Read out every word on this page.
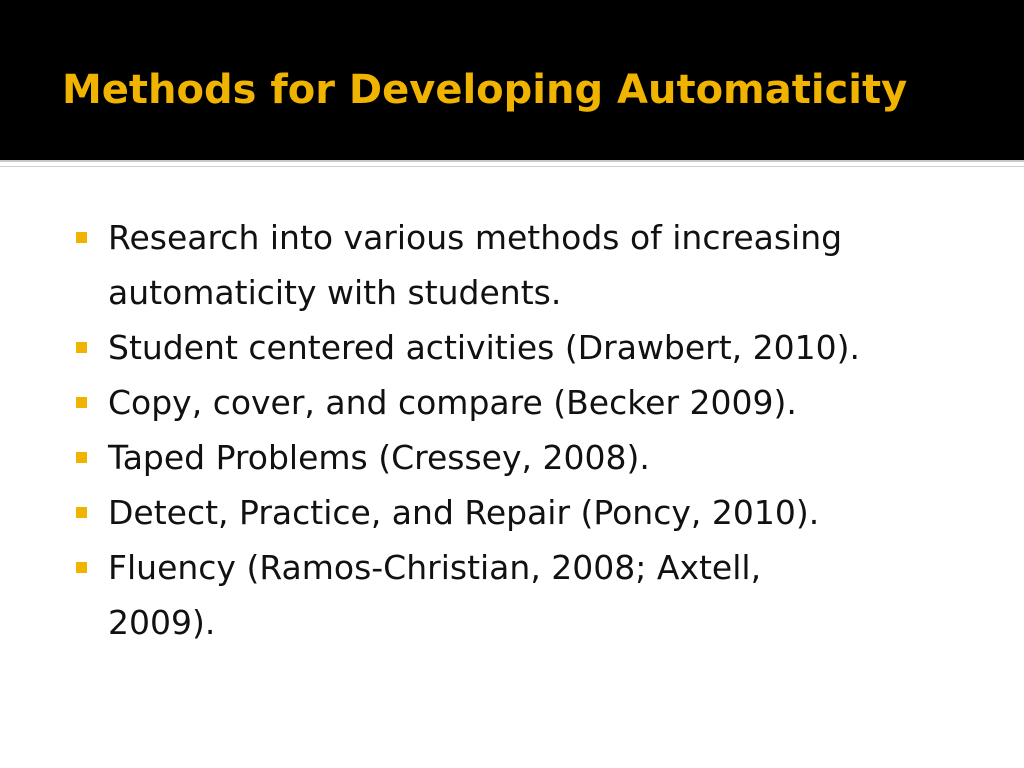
Methods for Developing Automaticity
Research into various methods of increasing
automaticity with students.
Student centered activities (Drawbert, 2010).
Copy, cover, and compare (Becker 2009).
Taped Problems (Cressey, 2008).
Detect, Practice, and Repair (Poncy, 2010).
Fluency (Ramos-Christian, 2008; Axtell,
2009).
